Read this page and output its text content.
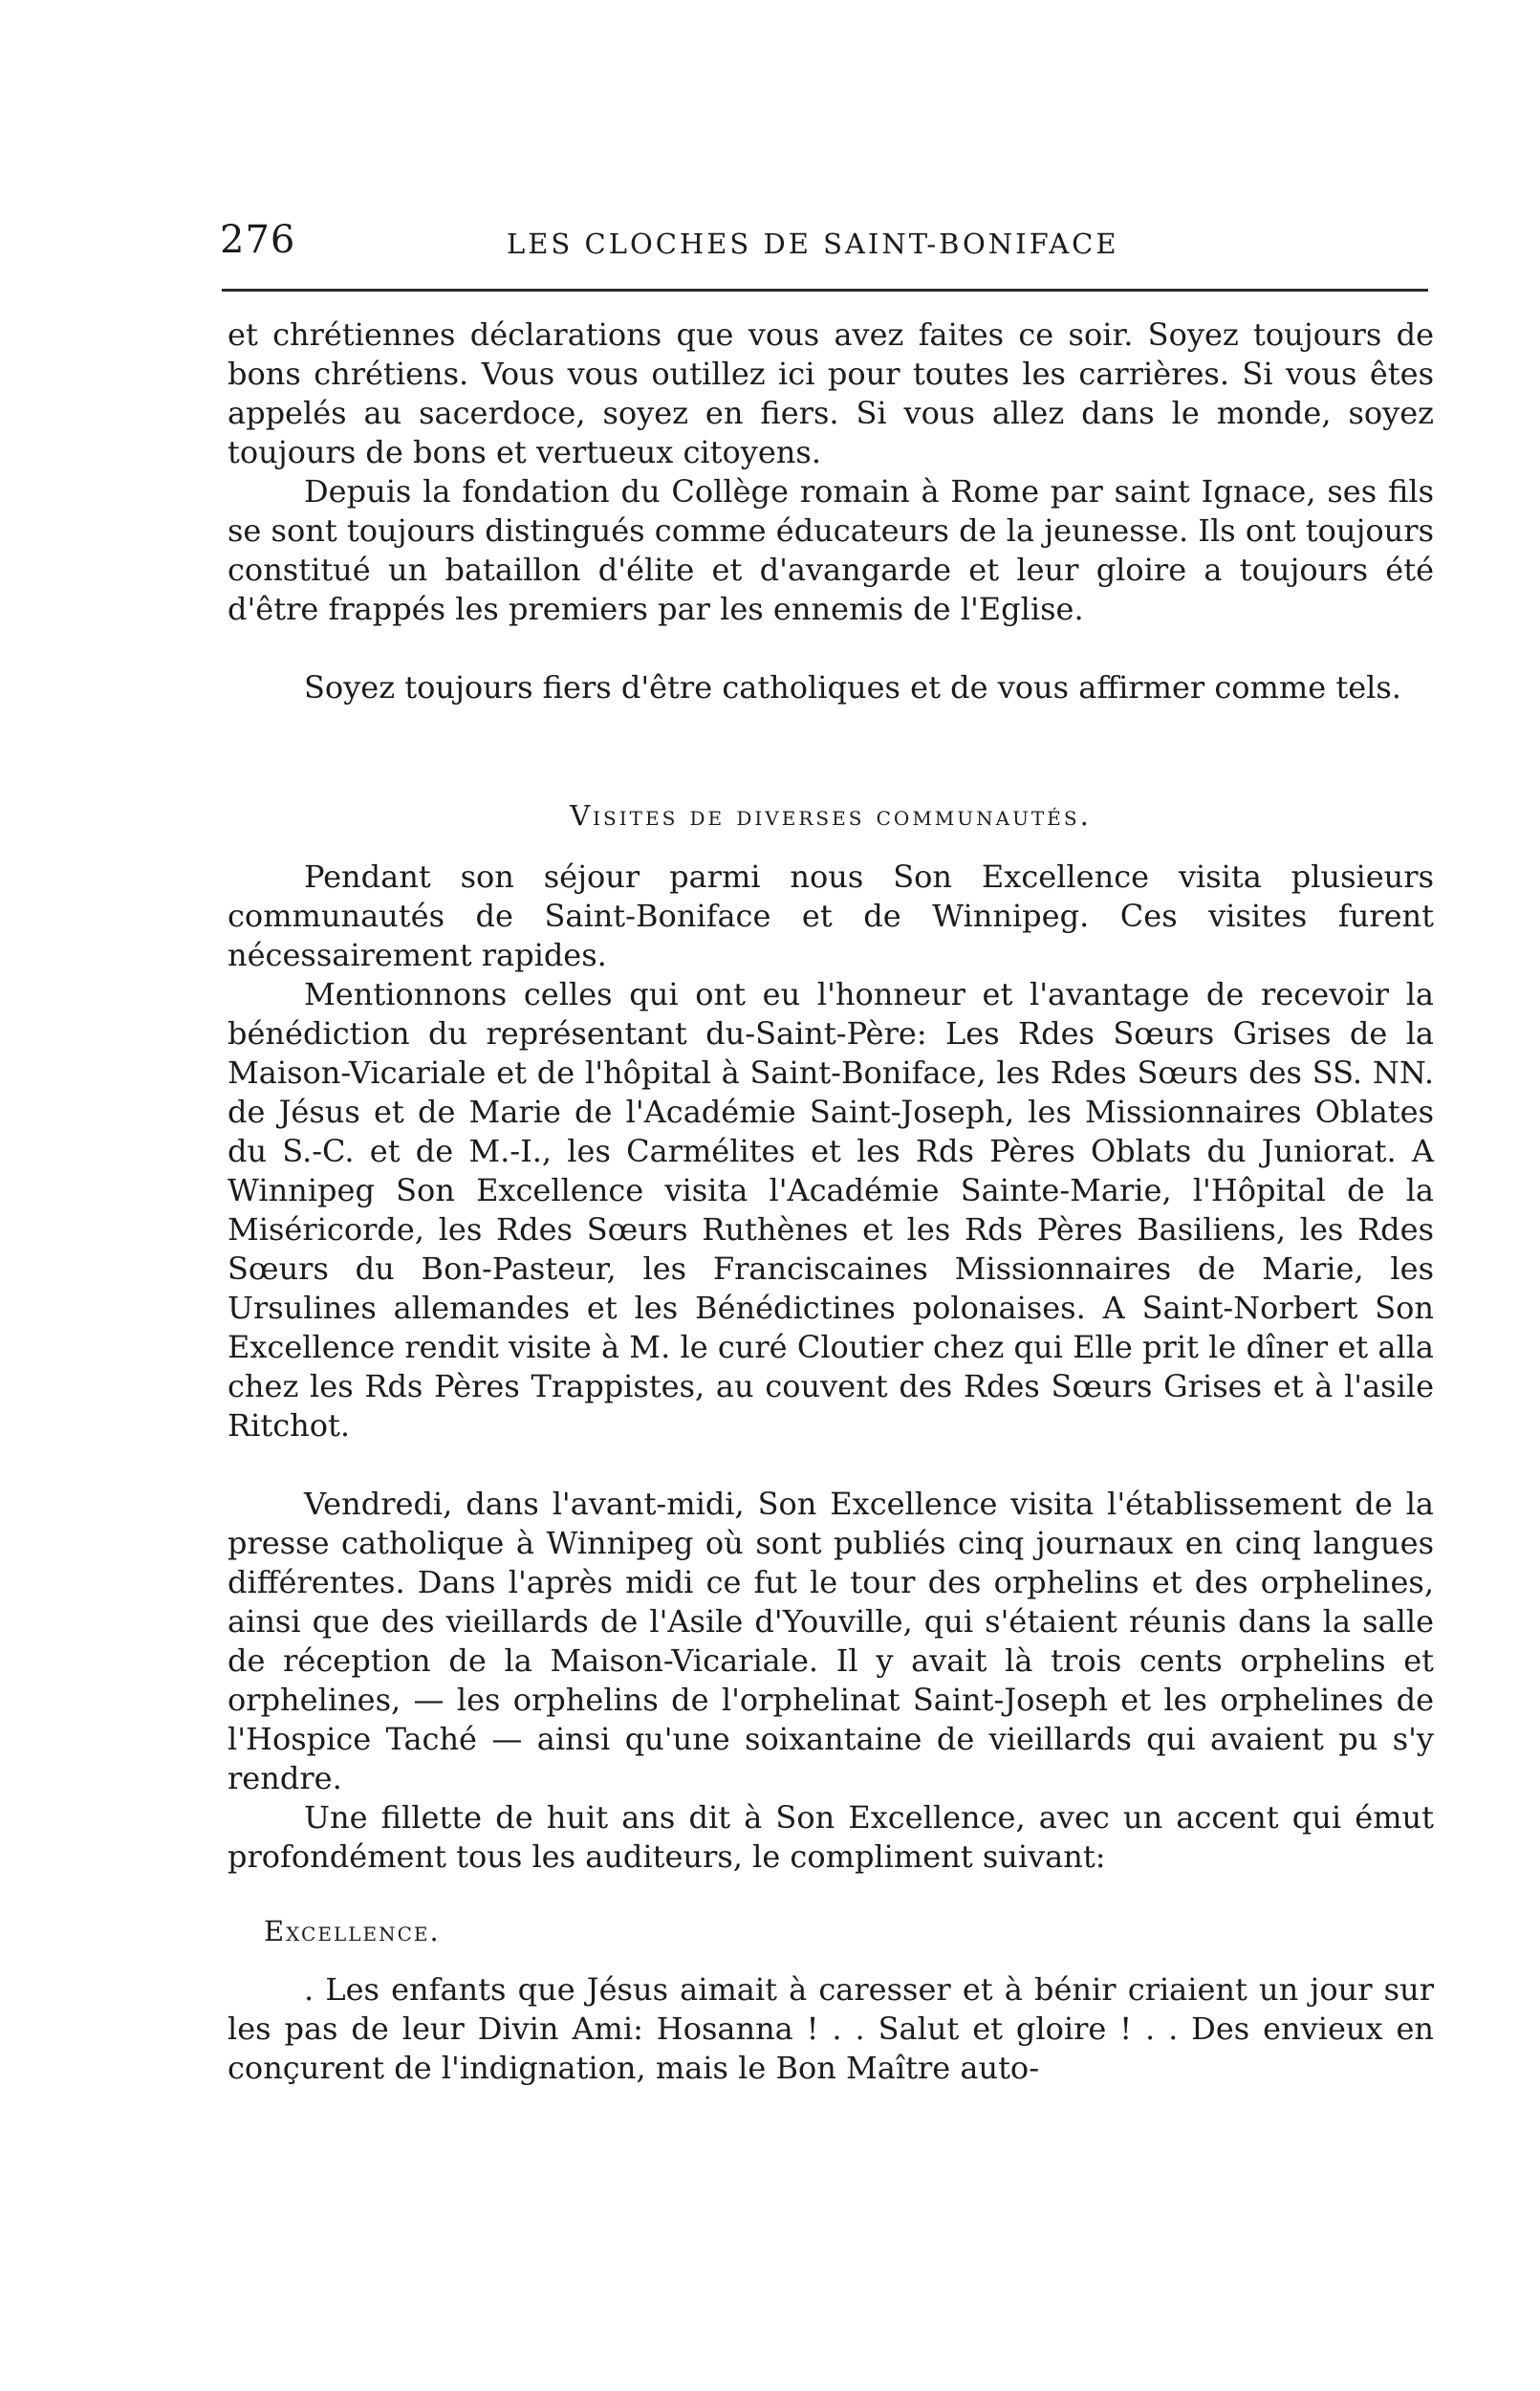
276	LES CLOCHES DE SAINT-BONIFACE

et chrétiennes déclarations que vous avez faites ce soir. Soyez toujours de bons chrétiens. Vous vous outillez ici pour toutes les carrières. Si vous êtes appelés au sacerdoce, soyez en fiers. Si vous allez dans le monde, soyez toujours de bons et vertueux citoyens.

Depuis la fondation du Collège romain à Rome par saint Ignace, ses fils se sont toujours distingués comme éducateurs de la jeunesse. Ils ont toujours constitué un bataillon d'élite et d'avangarde et leur gloire a toujours été d'être frappés les premiers par les ennemis de l'Eglise.

Soyez toujours fiers d'être catholiques et de vous affirmer comme tels.

Visites de diverses communautés.

Pendant son séjour parmi nous Son Excellence visita plusieurs communautés de Saint-Boniface et de Winnipeg. Ces visites furent nécessairement rapides.

Mentionnons celles qui ont eu l'honneur et l'avantage de recevoir la bénédiction du représentant du-Saint-Père: Les Rdes Sœurs Grises de la Maison-Vicariale et de l'hôpital à Saint-Boniface, les Rdes Sœurs des SS. NN. de Jésus et de Marie de l'Académie Saint-Joseph, les Missionnaires Oblates du S.-C. et de M.-I., les Carmélites et les Rds Pères Oblats du Juniorat. A Winnipeg Son Excellence visita l'Académie Sainte-Marie, l'Hôpital de la Miséricorde, les Rdes Sœurs Ruthènes et les Rds Pères Basiliens, les Rdes Sœurs du Bon-Pasteur, les Franciscaines Missionnaires de Marie, les Ursulines allemandes et les Bénédictines polonaises. A Saint-Norbert Son Excellence rendit visite à M. le curé Cloutier chez qui Elle prit le dîner et alla chez les Rds Pères Trappistes, au couvent des Rdes Sœurs Grises et à l'asile Ritchot.

Vendredi, dans l'avant-midi, Son Excellence visita l'établissement de la presse catholique à Winnipeg où sont publiés cinq journaux en cinq langues différentes. Dans l'après midi ce fut le tour des orphelins et des orphelines, ainsi que des vieillards de l'Asile d'Youville, qui s'étaient réunis dans la salle de réception de la Maison-Vicariale. Il y avait là trois cents orphelins et orphelines, — les orphelins de l'orphelinat Saint-Joseph et les orphelines de l'Hospice Taché — ainsi qu'une soixantaine de vieillards qui avaient pu s'y rendre.

Une fillette de huit ans dit à Son Excellence, avec un accent qui émut profondément tous les auditeurs, le compliment suivant:

Excellence.

. Les enfants que Jésus aimait à caresser et à bénir criaient un jour sur les pas de leur Divin Ami: Hosanna ! . . Salut et gloire ! . . Des envieux en conçurent de l'indignation, mais le Bon Maître auto-
